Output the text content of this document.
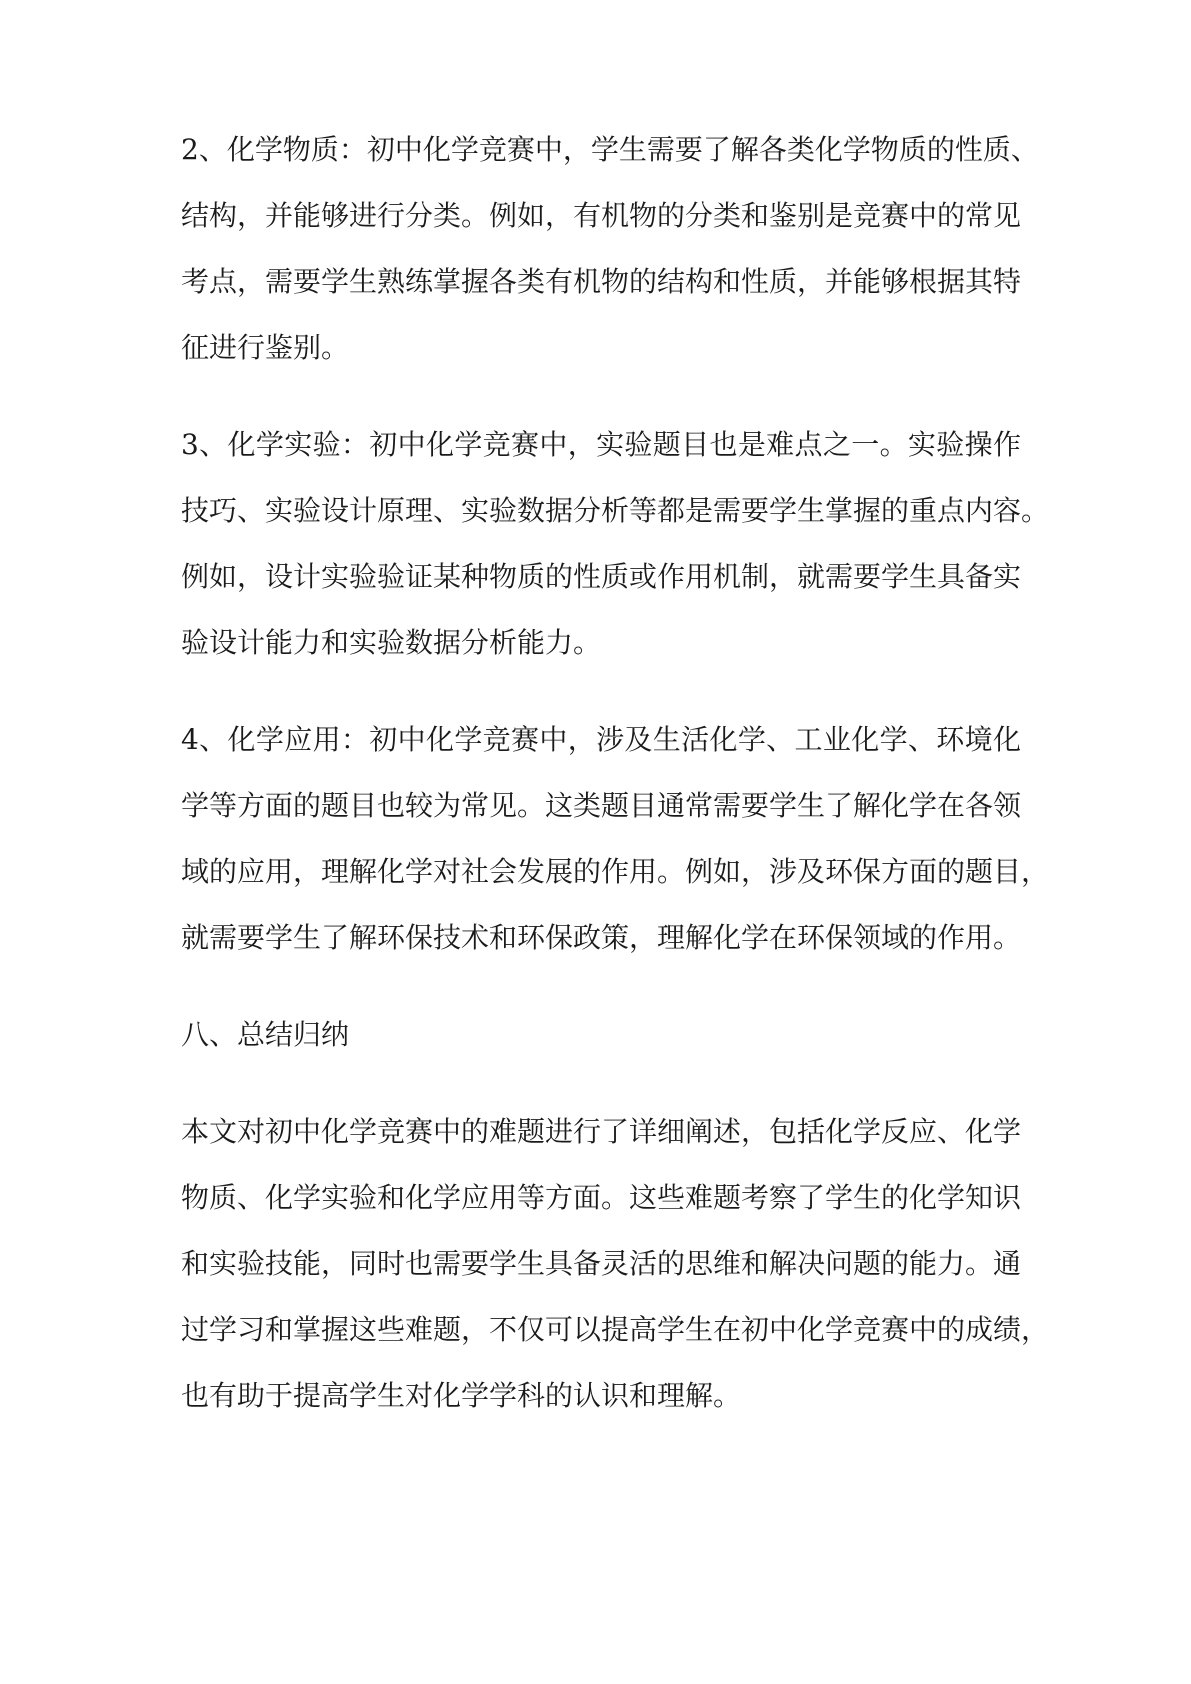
2、化学物质：初中化学竞赛中，学生需要了解各类化学物质的性质、
结构，并能够进行分类。例如，有机物的分类和鉴别是竞赛中的常见
考点，需要学生熟练掌握各类有机物的结构和性质，并能够根据其特
征进行鉴别。
3、化学实验：初中化学竞赛中，实验题目也是难点之一。实验操作
技巧、实验设计原理、实验数据分析等都是需要学生掌握的重点内容。
例如，设计实验验证某种物质的性质或作用机制，就需要学生具备实
验设计能力和实验数据分析能力。
4、化学应用：初中化学竞赛中，涉及生活化学、工业化学、环境化
学等方面的题目也较为常见。这类题目通常需要学生了解化学在各领
域的应用，理解化学对社会发展的作用。例如，涉及环保方面的题目，
就需要学生了解环保技术和环保政策，理解化学在环保领域的作用。
八、总结归纳
本文对初中化学竞赛中的难题进行了详细阐述，包括化学反应、化学
物质、化学实验和化学应用等方面。这些难题考察了学生的化学知识
和实验技能，同时也需要学生具备灵活的思维和解决问题的能力。通
过学习和掌握这些难题，不仅可以提高学生在初中化学竞赛中的成绩，
也有助于提高学生对化学学科的认识和理解。
